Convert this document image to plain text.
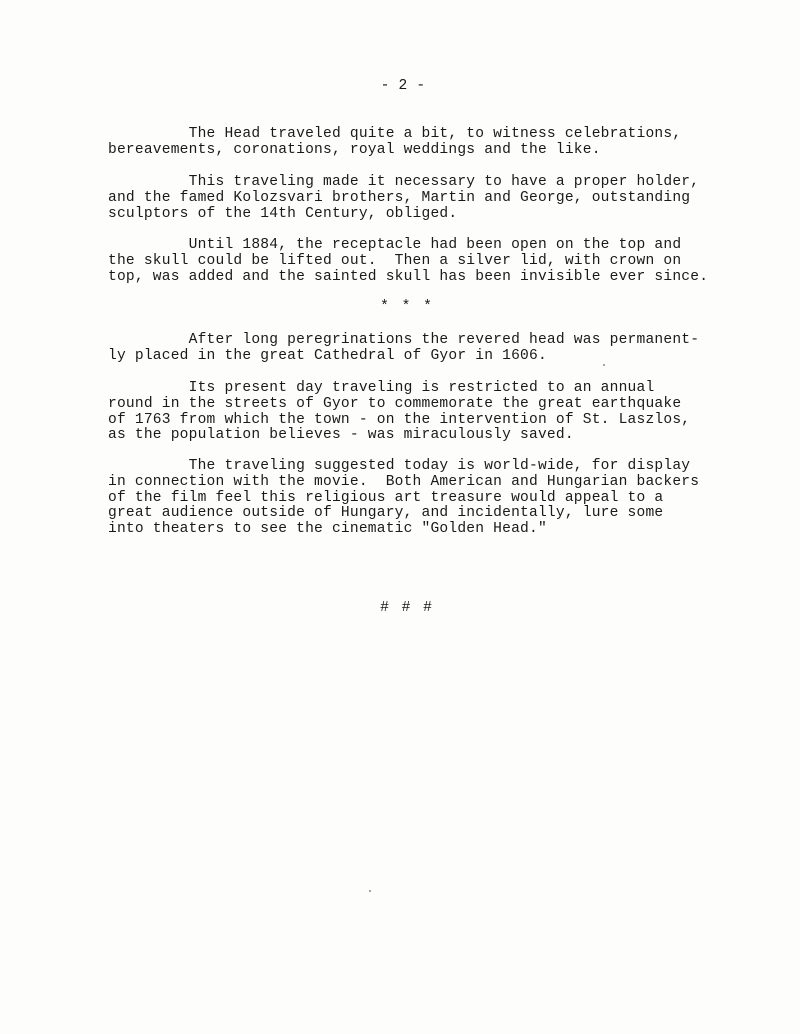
- 2 -

The Head traveled quite a bit, to witness celebrations,
bereavements, coronations, royal weddings and the like.

This traveling made it necessary to have a proper holder,
and the famed Kolozsvari brothers, Martin and George, outstanding
sculptors of the 14th Century, obliged.

Until 1884, the receptacle had been open on the top and
the skull could be lifted out.  Then a silver lid, with crown on
top, was added and the sainted skull has been invisible ever since.

* * *

After long peregrinations the revered head was permanent-
ly placed in the great Cathedral of Gyor in 1606.

Its present day traveling is restricted to an annual
round in the streets of Gyor to commemorate the great earthquake
of 1763 from which the town - on the intervention of St. Laszlos,
as the population believes - was miraculously saved.

The traveling suggested today is world-wide, for display
in connection with the movie.  Both American and Hungarian backers
of the film feel this religious art treasure would appeal to a
great audience outside of Hungary, and incidentally, lure some
into theaters to see the cinematic "Golden Head."

# # #
